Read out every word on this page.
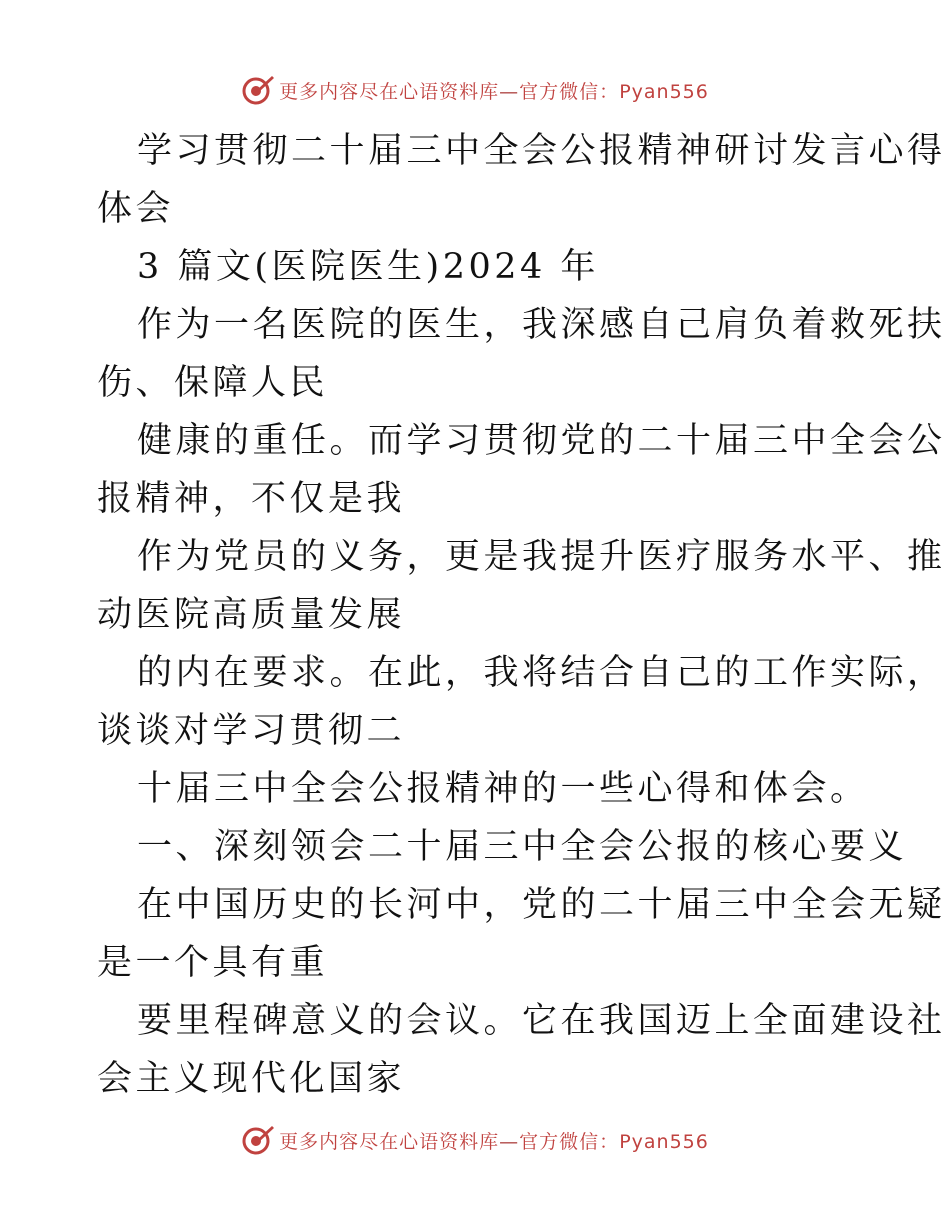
更多内容尽在心语资料库—官方微信：Pyan556
学习贯彻二十届三中全会公报精神研讨发言心得
体会
3 篇文(医院医生)2024 年
作为一名医院的医生，我深感自己肩负着救死扶
伤、保障人民
健康的重任。而学习贯彻党的二十届三中全会公
报精神，不仅是我
作为党员的义务，更是我提升医疗服务水平、推
动医院高质量发展
的内在要求。在此，我将结合自己的工作实际，
谈谈对学习贯彻二
十届三中全会公报精神的一些心得和体会。
一、深刻领会二十届三中全会公报的核心要义
在中国历史的长河中，党的二十届三中全会无疑
是一个具有重
要里程碑意义的会议。它在我国迈上全面建设社
会主义现代化国家
更多内容尽在心语资料库—官方微信：Pyan556
